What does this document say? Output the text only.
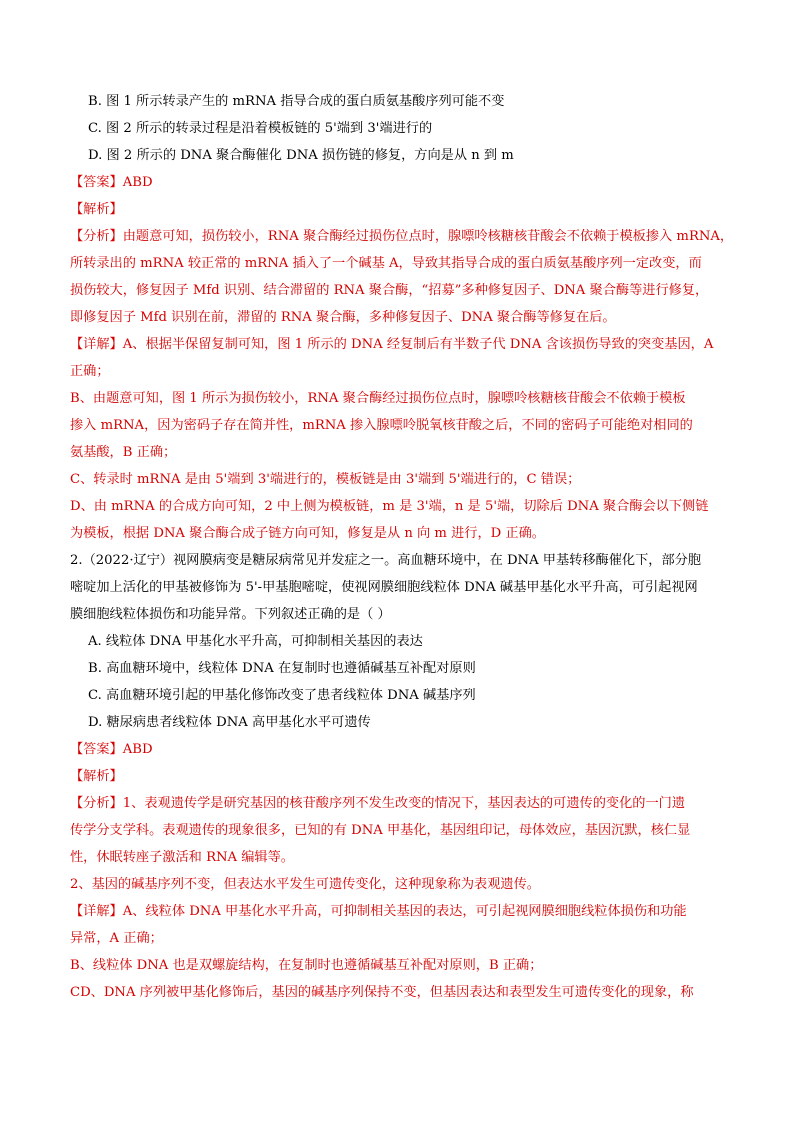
B. 图 1 所示转录产生的 mRNA 指导合成的蛋白质氨基酸序列可能不变
C. 图 2 所示的转录过程是沿着模板链的 5'端到 3'端进行的
D. 图 2 所示的 DNA 聚合酶催化 DNA 损伤链的修复，方向是从 n 到 m
【答案】ABD
【解析】
【分析】由题意可知，损伤较小，RNA 聚合酶经过损伤位点时，腺嘌呤核糖核苷酸会不依赖于模板掺入 mRNA，
所转录出的 mRNA 较正常的 mRNA 插入了一个碱基 A，导致其指导合成的蛋白质氨基酸序列一定改变，而
损伤较大，修复因子 Mfd 识别、结合滞留的 RNA 聚合酶，“招募”多种修复因子、DNA 聚合酶等进行修复，
即修复因子 Mfd 识别在前，滞留的 RNA 聚合酶，多种修复因子、DNA 聚合酶等修复在后。
【详解】A、根据半保留复制可知，图 1 所示的 DNA 经复制后有半数子代 DNA 含该损伤导致的突变基因，A
正确；
B、由题意可知，图 1 所示为损伤较小，RNA 聚合酶经过损伤位点时，腺嘌呤核糖核苷酸会不依赖于模板
掺入 mRNA，因为密码子存在简并性，mRNA 掺入腺嘌呤脱氧核苷酸之后，不同的密码子可能绝对相同的
氨基酸，B 正确；
C、转录时 mRNA 是由 5'端到 3'端进行的，模板链是由 3'端到 5'端进行的，C 错误；
D、由 mRNA 的合成方向可知，2 中上侧为模板链，m 是 3'端，n 是 5'端，切除后 DNA 聚合酶会以下侧链
为模板，根据 DNA 聚合酶合成子链方向可知，修复是从 n 向 m 进行，D 正确。
2.（2022·辽宁）视网膜病变是糖尿病常见并发症之一。高血糖环境中，在 DNA 甲基转移酶催化下，部分胞
嘧啶加上活化的甲基被修饰为 5'-甲基胞嘧啶，使视网膜细胞线粒体 DNA 碱基甲基化水平升高，可引起视网
膜细胞线粒体损伤和功能异常。下列叙述正确的是（ ）
A. 线粒体 DNA 甲基化水平升高，可抑制相关基因的表达
B. 高血糖环境中，线粒体 DNA 在复制时也遵循碱基互补配对原则
C. 高血糖环境引起的甲基化修饰改变了患者线粒体 DNA 碱基序列
D. 糖尿病患者线粒体 DNA 高甲基化水平可遗传
【答案】ABD
【解析】
【分析】1、表观遗传学是研究基因的核苷酸序列不发生改变的情况下，基因表达的可遗传的变化的一门遗
传学分支学科。表观遗传的现象很多，已知的有 DNA 甲基化，基因组印记，母体效应，基因沉默，核仁显
性，休眠转座子激活和 RNA 编辑等。
2、基因的碱基序列不变，但表达水平发生可遗传变化，这种现象称为表观遗传。
【详解】A、线粒体 DNA 甲基化水平升高，可抑制相关基因的表达，可引起视网膜细胞线粒体损伤和功能
异常，A 正确；
B、线粒体 DNA 也是双螺旋结构，在复制时也遵循碱基互补配对原则，B 正确；
CD、DNA 序列被甲基化修饰后，基因的碱基序列保持不变，但基因表达和表型发生可遗传变化的现象，称
